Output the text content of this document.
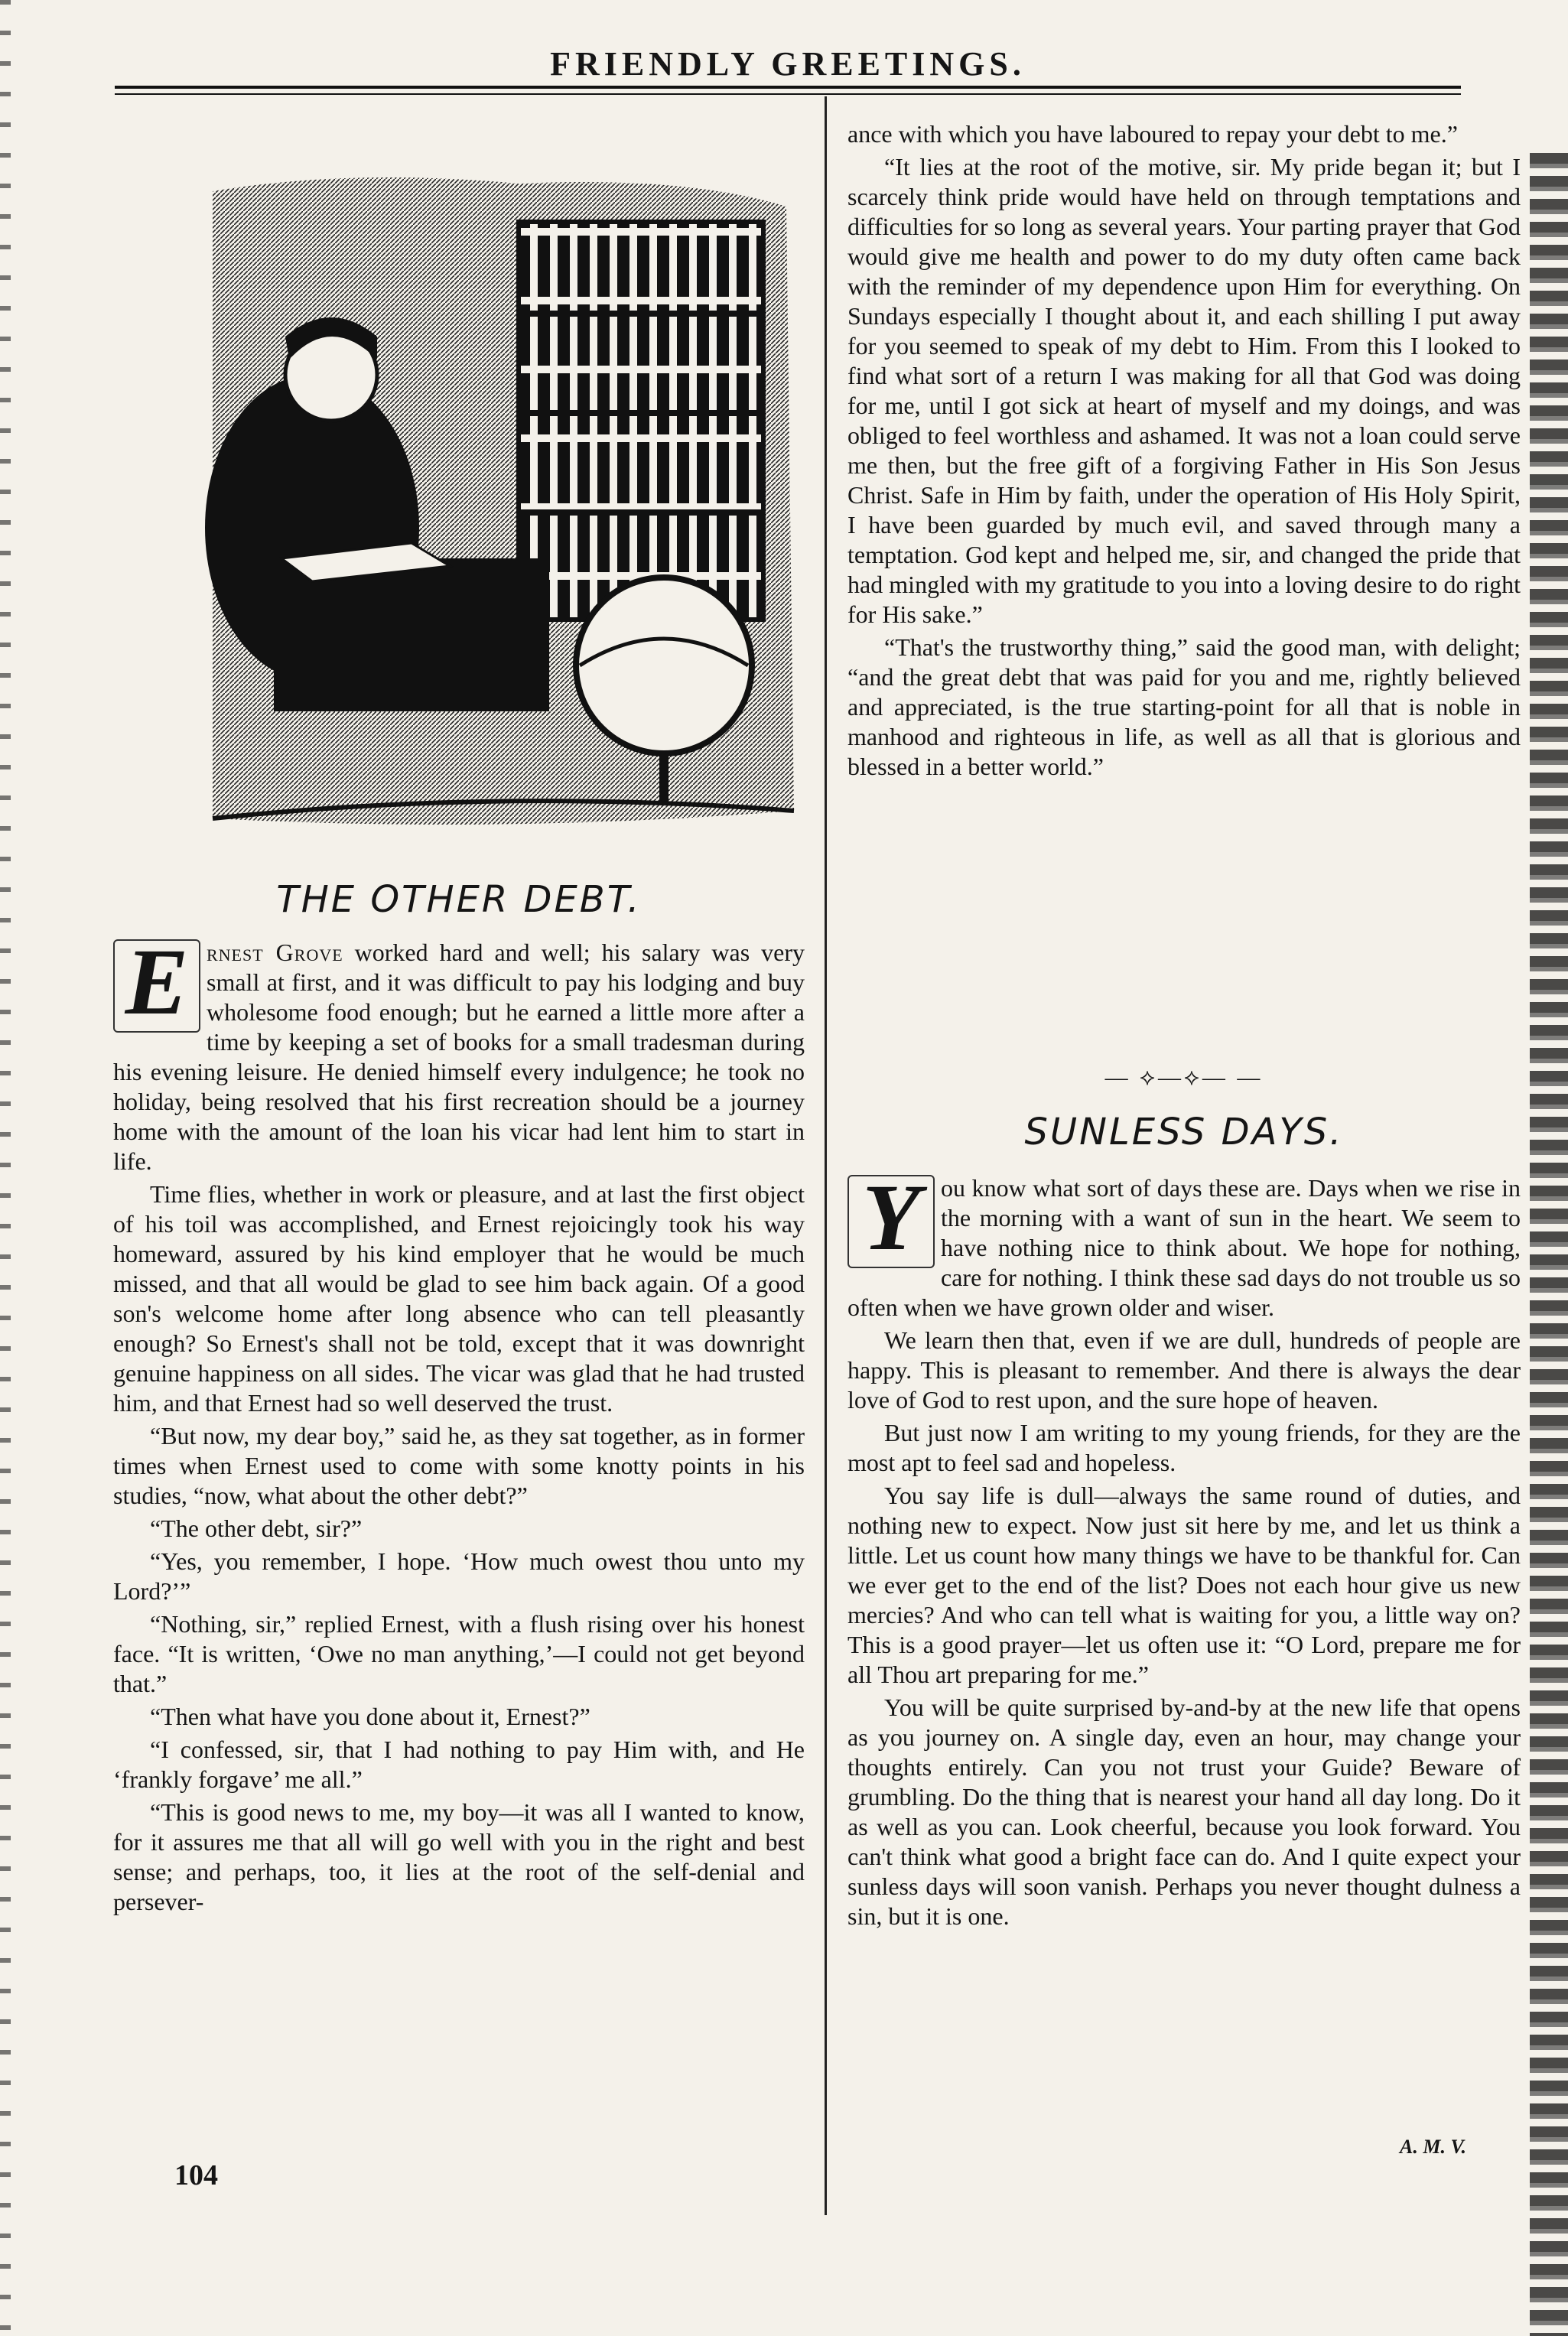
FRIENDLY GREETINGS.
THE OTHER DEBT.

E rnest Grove worked hard and well; his salary was very small at first, and it was difficult to pay his lodging and buy wholesome food enough; but he earned a little more after a time by keeping a set of books for a small tradesman during his evening leisure. He denied himself every indulgence; he took no holiday, being resolved that his first recreation should be a journey home with the amount of the loan his vicar had lent him to start in life.

Time flies, whether in work or pleasure, and at last the first object of his toil was accomplished, and Ernest rejoicingly took his way homeward, assured by his kind employer that he would be much missed, and that all would be glad to see him back again. Of a good son's welcome home after long absence who can tell pleasantly enough? So Ernest's shall not be told, except that it was downright genuine happiness on all sides. The vicar was glad that he had trusted him, and that Ernest had so well deserved the trust.

“But now, my dear boy,” said he, as they sat together, as in former times when Ernest used to come with some knotty points in his studies, “now, what about the other debt?”

“The other debt, sir?”

“Yes, you remember, I hope. ‘How much owest thou unto my Lord?’”

“Nothing, sir,” replied Ernest, with a flush rising over his honest face. “It is written, ‘Owe no man anything,’—I could not get beyond that.”

“Then what have you done about it, Ernest?”

“I confessed, sir, that I had nothing to pay Him with, and He ‘frankly forgave’ me all.”

“This is good news to me, my boy—it was all I wanted to know, for it assures me that all will go well with you in the right and best sense; and perhaps, too, it lies at the root of the self-denial and persever-

104

ance with which you have laboured to repay your debt to me.”

“It lies at the root of the motive, sir. My pride began it; but I scarcely think pride would have held on through temptations and difficulties for so long as several years. Your parting prayer that God would give me health and power to do my duty often came back with the reminder of my dependence upon Him for everything. On Sundays especially I thought about it, and each shilling I put away for you seemed to speak of my debt to Him. From this I looked to find what sort of a return I was making for all that God was doing for me, until I got sick at heart of myself and my doings, and was obliged to feel worthless and ashamed. It was not a loan could serve me then, but the free gift of a forgiving Father in His Son Jesus Christ. Safe in Him by faith, under the operation of His Holy Spirit, I have been guarded by much evil, and saved through many a temptation. God kept and helped me, sir, and changed the pride that had mingled with my gratitude to you into a loving desire to do right for His sake.”

“That's the trustworthy thing,” said the good man, with delight; “and the great debt that was paid for you and me, rightly believed and appreciated, is the true starting-point for all that is noble in manhood and righteous in life, as well as all that is glorious and blessed in a better world.”

— ⟡—⟡— —
SUNLESS DAYS.

Y ou know what sort of days these are. Days when we rise in the morning with a want of sun in the heart. We seem to have nothing nice to think about. We hope for nothing, care for nothing. I think these sad days do not trouble us so often when we have grown older and wiser.

We learn then that, even if we are dull, hundreds of people are happy. This is pleasant to remember. And there is always the dear love of God to rest upon, and the sure hope of heaven.

But just now I am writing to my young friends, for they are the most apt to feel sad and hopeless.

You say life is dull—always the same round of duties, and nothing new to expect. Now just sit here by me, and let us think a little. Let us count how many things we have to be thankful for. Can we ever get to the end of the list? Does not each hour give us new mercies? And who can tell what is waiting for you, a little way on? This is a good prayer—let us often use it: “O Lord, prepare me for all Thou art preparing for me.”

You will be quite surprised by-and-by at the new life that opens as you journey on. A single day, even an hour, may change your thoughts entirely. Can you not trust your Guide? Beware of grumbling. Do the thing that is nearest your hand all day long. Do it as well as you can. Look cheerful, because you look forward. You can't think what good a bright face can do. And I quite expect your sunless days will soon vanish. Perhaps you never thought dulness a sin, but it is one.

A. M. V.
